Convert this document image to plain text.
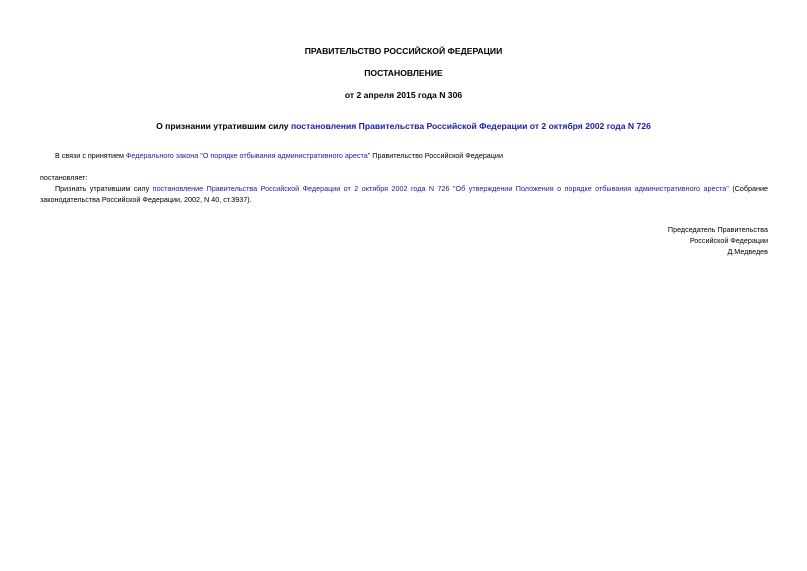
ПРАВИТЕЛЬСТВО РОССИЙСКОЙ ФЕДЕРАЦИИ
ПОСТАНОВЛЕНИЕ
от 2 апреля 2015 года N 306
О признании утратившим силу постановления Правительства Российской Федерации от 2 октября 2002 года N 726
В связи с принятием Федерального закона "О порядке отбывания административного ареста" Правительство Российской Федерации
постановляет:
Признать утратившим силу постановление Правительства Российской Федерации от 2 октября 2002 года N 726 "Об утверждении Положения о порядке отбывания административного ареста" (Собрание законодательства Российской Федерации, 2002, N 40, ст.3937).
Председатель Правительства
Российской Федерации
Д.Медведев
